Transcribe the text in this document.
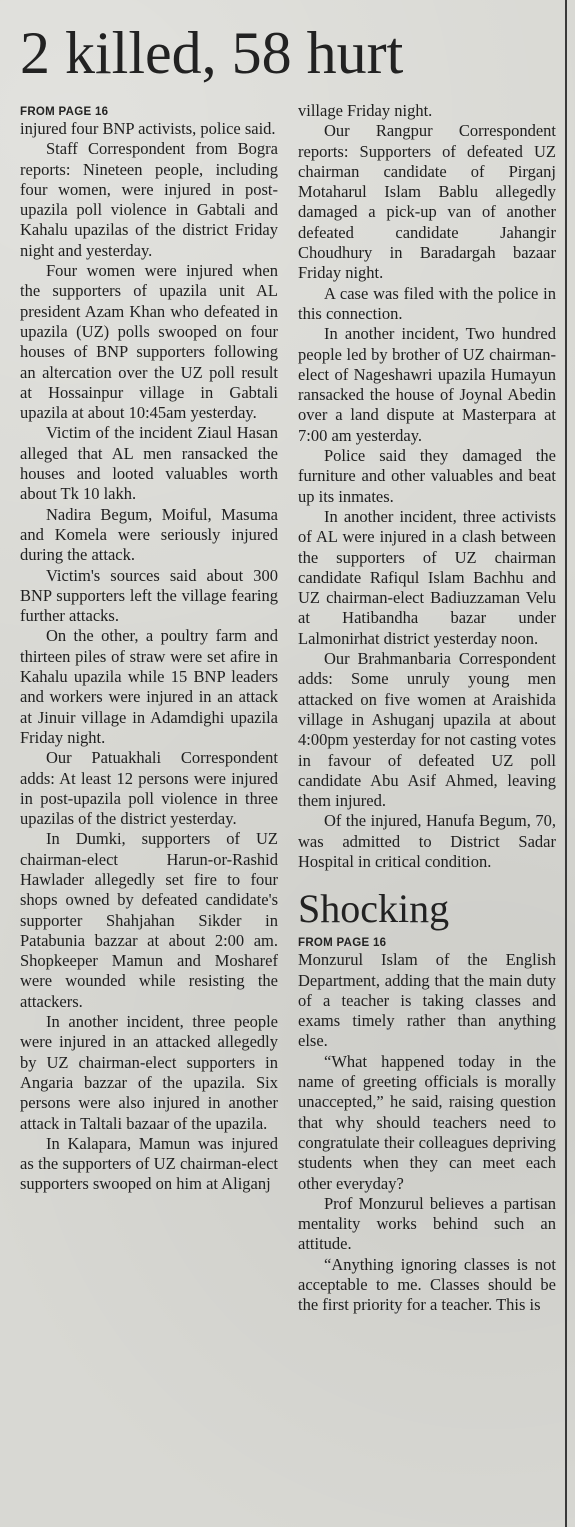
2 killed, 58 hurt
FROM PAGE 16

injured four BNP activists, police said.

Staff Correspondent from Bogra reports: Nineteen people, including four women, were injured in post-upazila poll violence in Gabtali and Kahalu upazilas of the district Friday night and yesterday.

Four women were injured when the supporters of upazila unit AL president Azam Khan who defeated in upazila (UZ) polls swooped on four houses of BNP supporters following an altercation over the UZ poll result at Hossainpur village in Gabtali upazila at about 10:45am yesterday.

Victim of the incident Ziaul Hasan alleged that AL men ransacked the houses and looted valuables worth about Tk 10 lakh.

Nadira Begum, Moiful, Masuma and Komela were seriously injured during the attack.

Victim's sources said about 300 BNP supporters left the village fearing further attacks.

On the other, a poultry farm and thirteen piles of straw were set afire in Kahalu upazila while 15 BNP leaders and workers were injured in an attack at Jinuir village in Adamdighi upazila Friday night.

Our Patuakhali Correspondent adds: At least 12 persons were injured in post-upazila poll violence in three upazilas of the district yesterday.

In Dumki, supporters of UZ chairman-elect Harun-or-Rashid Hawlader allegedly set fire to four shops owned by defeated candidate's supporter Shahjahan Sikder in Patabunia bazzar at about 2:00 am. Shopkeeper Mamun and Mosharef were wounded while resisting the attackers.

In another incident, three people were injured in an attacked allegedly by UZ chairman-elect supporters in Angaria bazzar of the upazila. Six persons were also injured in another attack in Taltali bazaar of the upazila.

In Kalapara, Mamun was injured as the supporters of UZ chairman-elect supporters swooped on him at Aliganj

village Friday night.

Our Rangpur Correspondent reports: Supporters of defeated UZ chairman candidate of Pirganj Motaharul Islam Bablu allegedly damaged a pick-up van of another defeated candidate Jahangir Choudhury in Baradargah bazaar Friday night.

A case was filed with the police in this connection.

In another incident, Two hundred people led by brother of UZ chairman-elect of Nageshawri upazila Humayun ransacked the house of Joynal Abedin over a land dispute at Masterpara at 7:00 am yesterday.

Police said they damaged the furniture and other valuables and beat up its inmates.

In another incident, three activists of AL were injured in a clash between the supporters of UZ chairman candidate Rafiqul Islam Bachhu and UZ chairman-elect Badiuzzaman Velu at Hatibandha bazar under Lalmonirhat district yesterday noon.

Our Brahmanbaria Correspondent adds: Some unruly young men attacked on five women at Araishida village in Ashuganj upazila at about 4:00pm yesterday for not casting votes in favour of defeated UZ poll candidate Abu Asif Ahmed, leaving them injured.

Of the injured, Hanufa Begum, 70, was admitted to District Sadar Hospital in critical condition.

Shocking
FROM PAGE 16

Monzurul Islam of the English Department, adding that the main duty of a teacher is taking classes and exams timely rather than anything else.

“What happened today in the name of greeting officials is morally unaccepted,” he said, raising question that why should teachers need to congratulate their colleagues depriving students when they can meet each other everyday?

Prof Monzurul believes a partisan mentality works behind such an attitude.

“Anything ignoring classes is not acceptable to me. Classes should be the first priority for a teacher. This is
